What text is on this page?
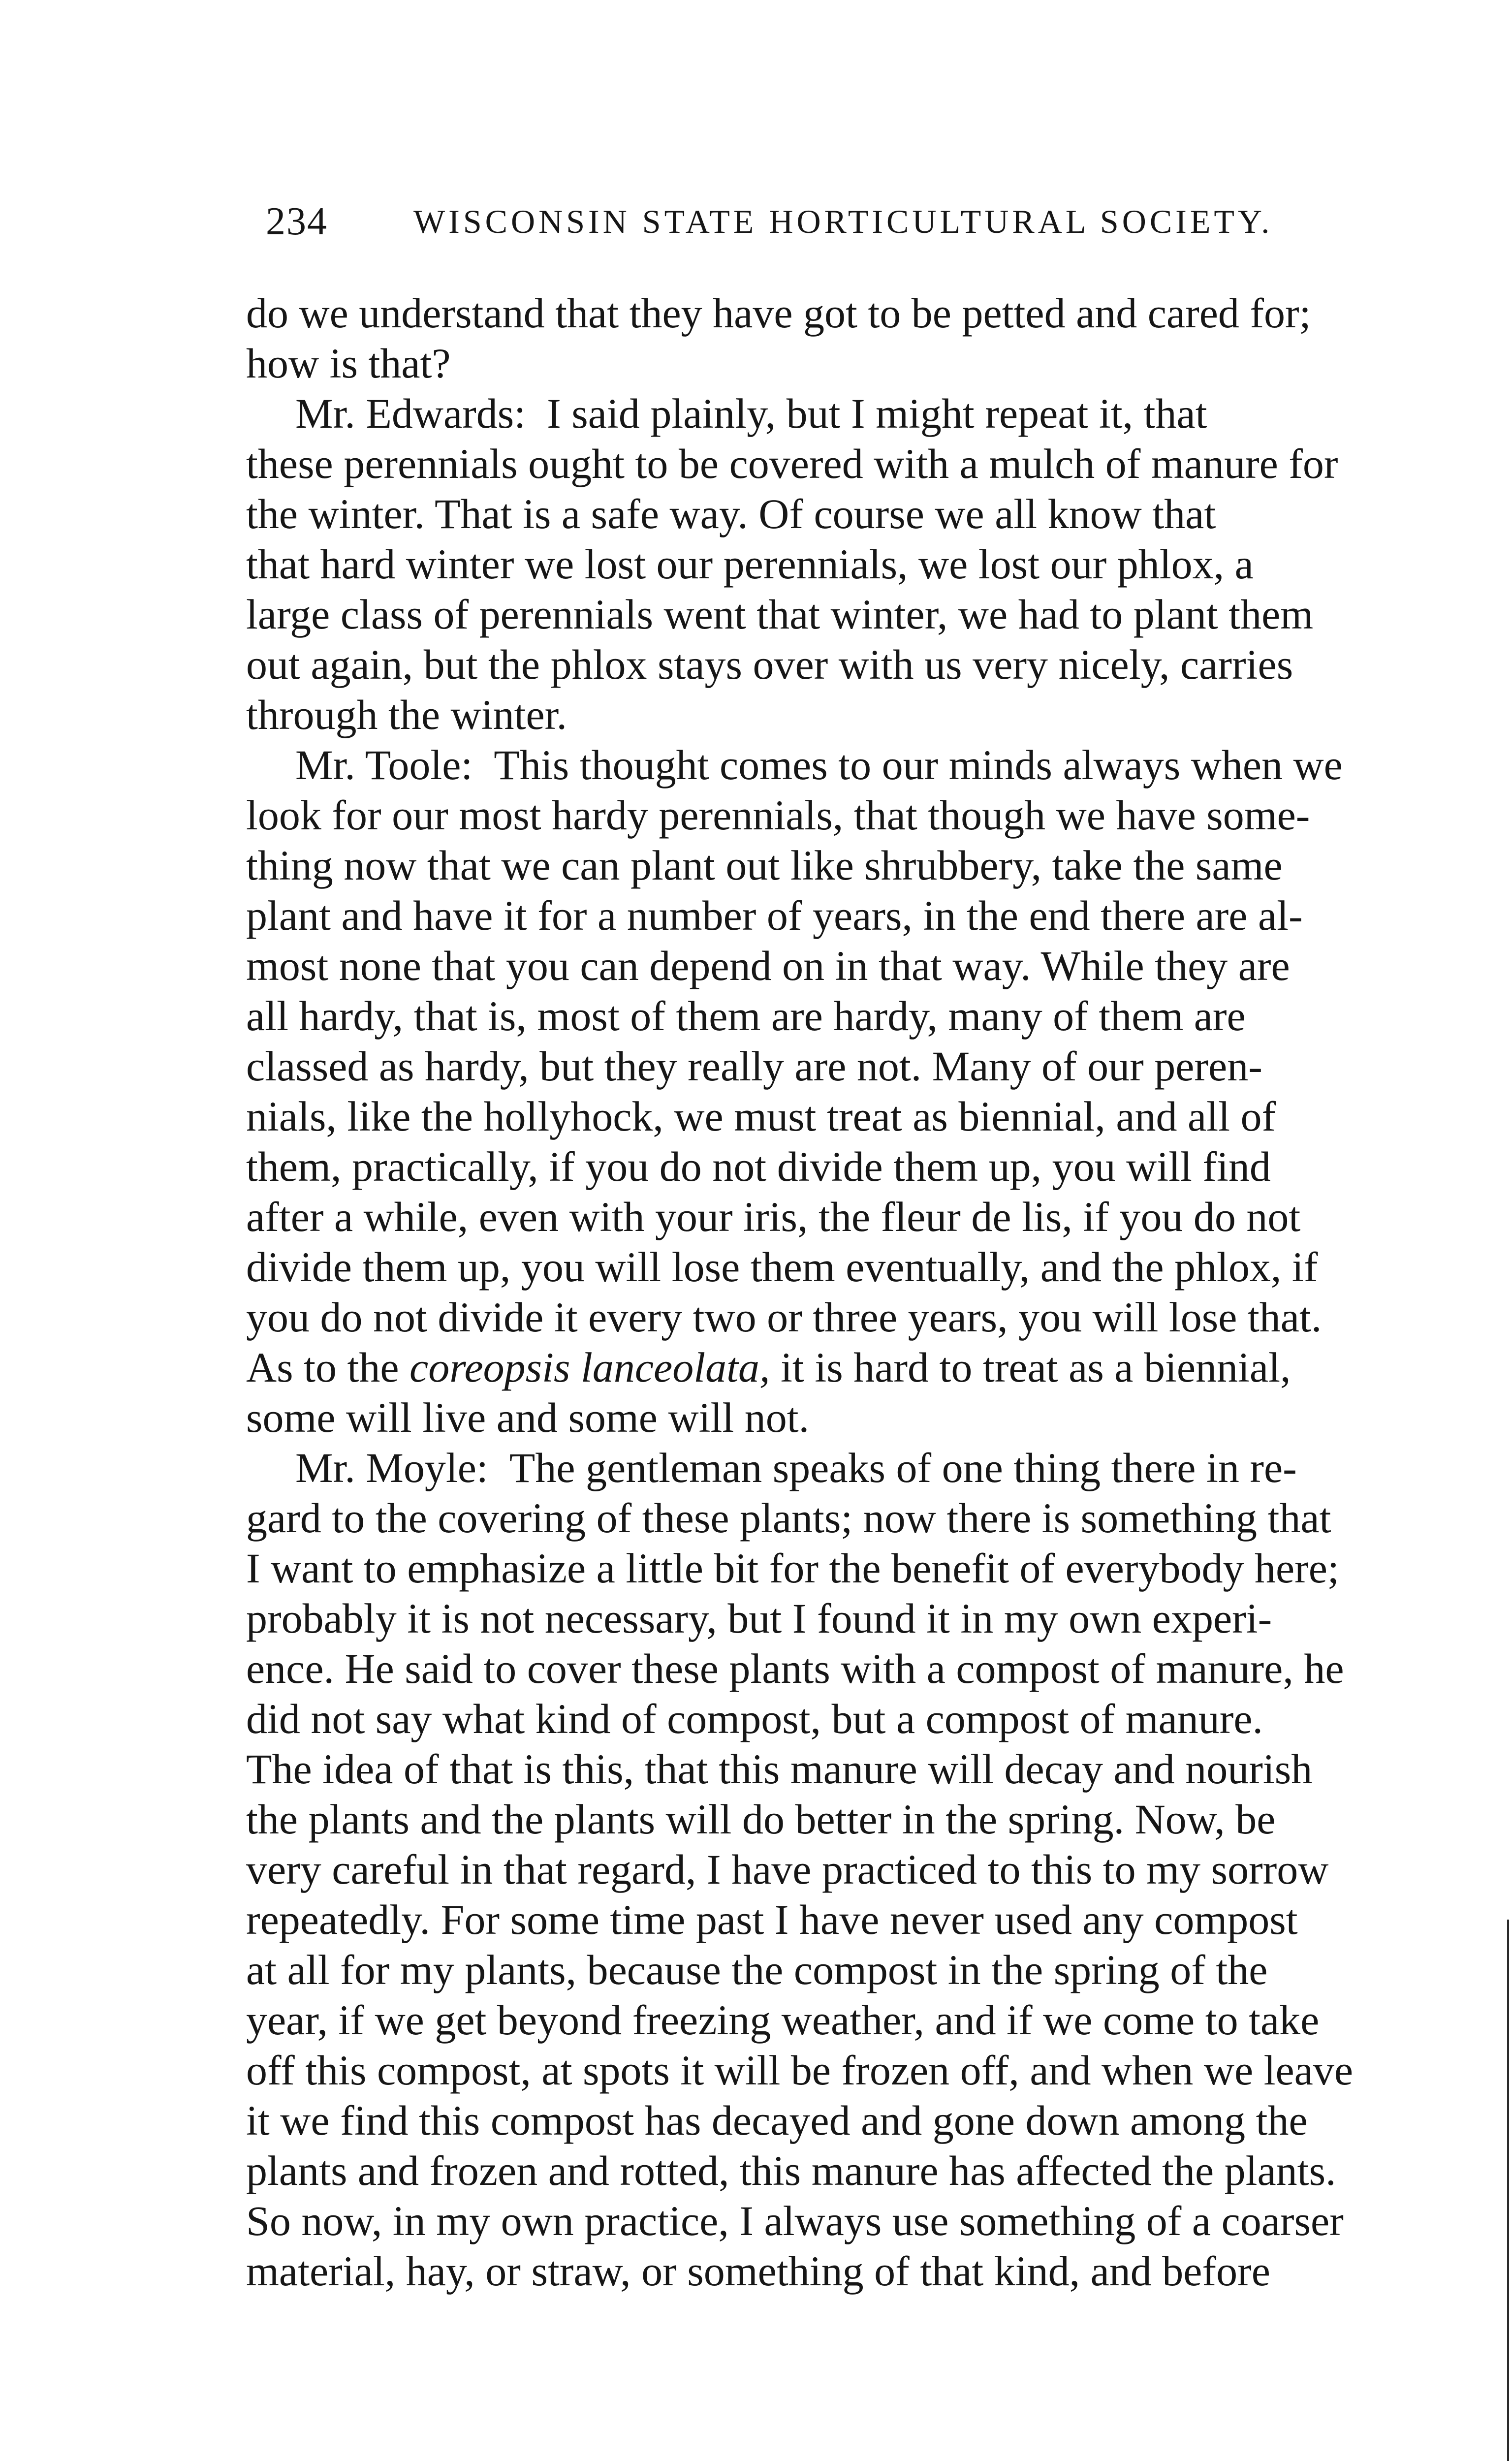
234	WISCONSIN STATE HORTICULTURAL SOCIETY.

do we understand that they have got to be petted and cared for;
how is that?

Mr. Edwards: I said plainly, but I might repeat it, that
these perennials ought to be covered with a mulch of manure for
the winter. That is a safe way. Of course we all know that
that hard winter we lost our perennials, we lost our phlox, a
large class of perennials went that winter, we had to plant them
out again, but the phlox stays over with us very nicely, carries
through the winter.

Mr. Toole: This thought comes to our minds always when we
look for our most hardy perennials, that though we have some-
thing now that we can plant out like shrubbery, take the same
plant and have it for a number of years, in the end there are al-
most none that you can depend on in that way. While they are
all hardy, that is, most of them are hardy, many of them are
classed as hardy, but they really are not. Many of our peren-
nials, like the hollyhock, we must treat as biennial, and all of
them, practically, if you do not divide them up, you will find
after a while, even with your iris, the fleur de lis, if you do not
divide them up, you will lose them eventually, and the phlox, if
you do not divide it every two or three years, you will lose that.
As to the coreopsis lanceolata, it is hard to treat as a biennial,
some will live and some will not.

Mr. Moyle: The gentleman speaks of one thing there in re-
gard to the covering of these plants; now there is something that
I want to emphasize a little bit for the benefit of everybody here;
probably it is not necessary, but I found it in my own experi-
ence. He said to cover these plants with a compost of manure, he
did not say what kind of compost, but a compost of manure.
The idea of that is this, that this manure will decay and nourish
the plants and the plants will do better in the spring. Now, be
very careful in that regard, I have practiced to this to my sorrow
repeatedly. For some time past I have never used any compost
at all for my plants, because the compost in the spring of the
year, if we get beyond freezing weather, and if we come to take
off this compost, at spots it will be frozen off, and when we leave
it we find this compost has decayed and gone down among the
plants and frozen and rotted, this manure has affected the plants.
So now, in my own practice, I always use something of a coarser
material, hay, or straw, or something of that kind, and before
